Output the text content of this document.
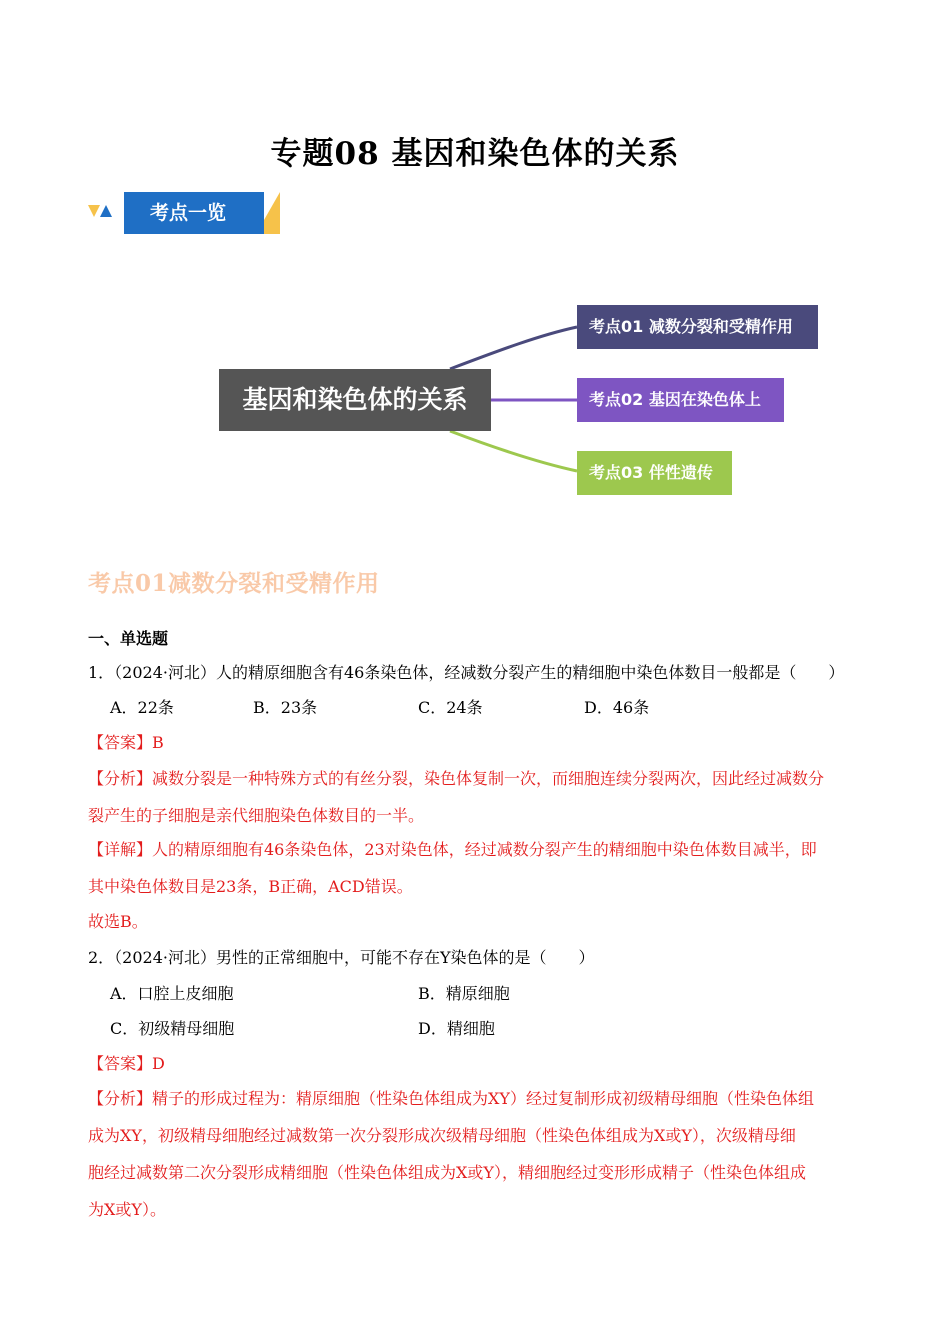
专题08 基因和染色体的关系
考点一览
基因和染色体的关系
考点01 减数分裂和受精作用
考点02 基因在染色体上
考点03 伴性遗传
考点01减数分裂和受精作用
一、单选题
1．（2024·河北）人的精原细胞含有46条染色体，经减数分裂产生的精细胞中染色体数目一般都是（　　）
A．22条	B．23条	C．24条	D．46条
【答案】B
【分析】减数分裂是一种特殊方式的有丝分裂，染色体复制一次，而细胞连续分裂两次，因此经过减数分
裂产生的子细胞是亲代细胞染色体数目的一半。
【详解】人的精原细胞有46条染色体，23对染色体，经过减数分裂产生的精细胞中染色体数目减半，即
其中染色体数目是23条，B正确，ACD错误。
故选B。
2．（2024·河北）男性的正常细胞中，可能不存在Y染色体的是（　　）
A．口腔上皮细胞	B．精原细胞
C．初级精母细胞	D．精细胞
【答案】D
【分析】精子的形成过程为：精原细胞（性染色体组成为XY）经过复制形成初级精母细胞（性染色体组
成为XY，初级精母细胞经过减数第一次分裂形成次级精母细胞（性染色体组成为X或Y），次级精母细
胞经过减数第二次分裂形成精细胞（性染色体组成为X或Y），精细胞经过变形形成精子（性染色体组成
为X或Y）。
